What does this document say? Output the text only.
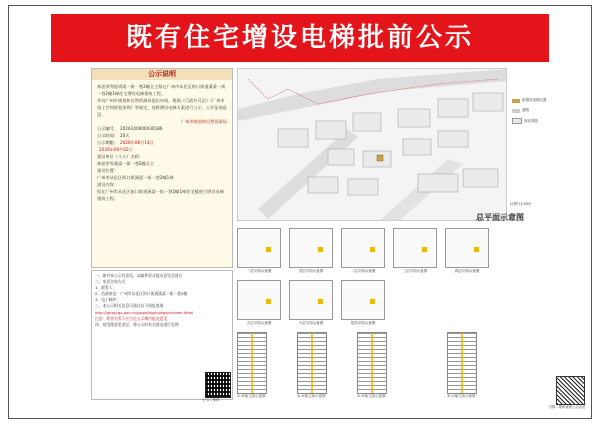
既有住宅增设电梯批前公示
公示说明
林思荣等提请梁一街一巷2幢全主拟在广州市从化区街口街道溪梁一街一巷2幢1梯住宅增设电梯建筑工程。
并向广州市规划和自然资源局提出申请。根据《行政许可法》《广州市国土空间规划条例》等规定，现将增设电梯方案进行公示，公开征询意见。
广州市规划和自然资源局
公示编号： 2026140000030186
公示时间： 20天
公示期限： 2026年08月14日
2026年09月02日
建设单位（个人）名称：
林思荣等溪梁一街一巷2幢全主
建设位置：
广州市从化区街口街溪梁一街一巷2幢1梯
建设内容：
拟在广州市从化区街口街道溪梁一街一巷2幢1梯住宅楼进行增设电梯建筑工程。
一、如对本公示有意见，以邮件形式提出意见及建议
二、电话咨询方式
1、联系人：
2、信函寄送：广州市从化区街口街道溪梁一街一巷2幢
3、电子邮件：
三、本公示相关信息可通过以下网址查询
http://ghzyj.gz.gov.cn/ywpd/hjgh/ghgsjx/index.jhtml
注意：利害关系人应当在公示期内提交意见
四、按受理意见途径，将公示的有关情况进行处理
公示二维码
拟增设电梯位置
道路
现状建筑
比例尺1:500
总平面示意图
一层平面示意图	首层平面示意图	二层平面示意图	三层平面示意图	四层平面示意图
五层平面示意图	六层平面示意图	屋顶平面示意图
①-⑥轴立面示意图	②-⑥轴立面示意图	④-⑥轴立面示意图	⑥-①轴立面示意图
扫描二维码查看公示信息
